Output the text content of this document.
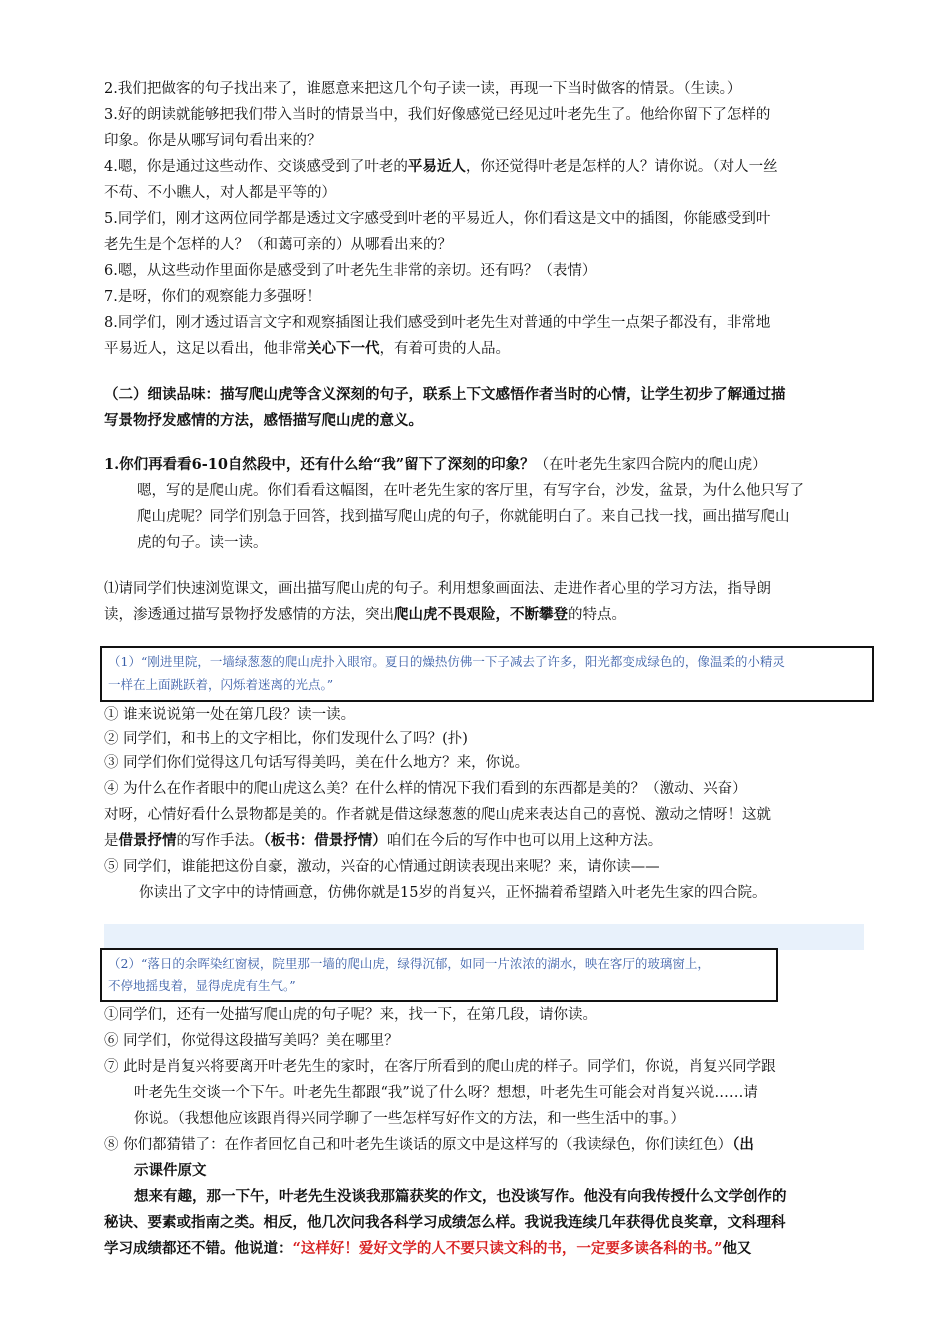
2.我们把做客的句子找出来了，谁愿意来把这几个句子读一读，再现一下当时做客的情景。（生读。）
3.好的朗读就能够把我们带入当时的情景当中，我们好像感觉已经见过叶老先生了。他给你留下了怎样的
印象。你是从哪写词句看出来的？
4.嗯，你是通过这些动作、交谈感受到了叶老的平易近人，你还觉得叶老是怎样的人？请你说。（对人一丝
不苟、不小瞧人，对人都是平等的）
5.同学们，刚才这两位同学都是透过文字感受到叶老的平易近人，你们看这是文中的插图，你能感受到叶
老先生是个怎样的人？（和蔼可亲的）从哪看出来的？
6.嗯，从这些动作里面你是感受到了叶老先生非常的亲切。还有吗？（表情）
7.是呀，你们的观察能力多强呀！
8.同学们，刚才透过语言文字和观察插图让我们感受到叶老先生对普通的中学生一点架子都没有，非常地
平易近人，这足以看出，他非常关心下一代，有着可贵的人品。
（二）细读品味：描写爬山虎等含义深刻的句子，联系上下文感悟作者当时的心情，让学生初步了解通过描
写景物抒发感情的方法，感悟描写爬山虎的意义。
1.你们再看看6-10自然段中，还有什么给“我”留下了深刻的印象？（在叶老先生家四合院内的爬山虎）
嗯，写的是爬山虎。你们看看这幅图，在叶老先生家的客厅里，有写字台，沙发，盆景，为什么他只写了
爬山虎呢？同学们别急于回答，找到描写爬山虎的句子，你就能明白了。来自己找一找，画出描写爬山
虎的句子。读一读。
⑴请同学们快速浏览课文，画出描写爬山虎的句子。利用想象画面法、走进作者心里的学习方法，指导朗
读，渗透通过描写景物抒发感情的方法，突出爬山虎不畏艰险，不断攀登的特点。
（1）“刚进里院，一墙绿葱葱的爬山虎扑入眼帘。夏日的燥热仿佛一下子减去了许多，阳光都变成绿色的，像温柔的小精灵
一样在上面跳跃着，闪烁着迷离的光点。”
① 谁来说说第一处在第几段？读一读。
② 同学们，和书上的文字相比，你们发现什么了吗？(扑)
③ 同学们你们觉得这几句话写得美吗，美在什么地方？来，你说。
④ 为什么在作者眼中的爬山虎这么美？在什么样的情况下我们看到的东西都是美的？（激动、兴奋）
对呀，心情好看什么景物都是美的。作者就是借这绿葱葱的爬山虎来表达自己的喜悦、激动之情呀！这就
是借景抒情的写作手法。（板书：借景抒情）咱们在今后的写作中也可以用上这种方法。
⑤ 同学们，谁能把这份自豪，激动，兴奋的心情通过朗读表现出来呢？来，请你读——
你读出了文字中的诗情画意，仿佛你就是15岁的肖复兴，正怀揣着希望踏入叶老先生家的四合院。
（2）“落日的余晖染红窗棂，院里那一墙的爬山虎，绿得沉郁，如同一片浓浓的湖水，映在客厅的玻璃窗上，
不停地摇曳着，显得虎虎有生气。”
①同学们，还有一处描写爬山虎的句子呢？来，找一下，在第几段，请你读。
⑥ 同学们，你觉得这段描写美吗？美在哪里？
⑦ 此时是肖复兴将要离开叶老先生的家时，在客厅所看到的爬山虎的样子。同学们，你说，肖复兴同学跟
叶老先生交谈一个下午。叶老先生都跟“我”说了什么呀？想想，叶老先生可能会对肖复兴说……请
你说。（我想他应该跟肖得兴同学聊了一些怎样写好作文的方法，和一些生活中的事。）
⑧ 你们都猜错了：在作者回忆自己和叶老先生谈话的原文中是这样写的（我读绿色，你们读红色）（出
示课件原文
想来有趣，那一下午，叶老先生没谈我那篇获奖的作文，也没谈写作。他没有向我传授什么文学创作的
秘诀、要素或指南之类。相反，他几次问我各科学习成绩怎么样。我说我连续几年获得优良奖章，文科理科
学习成绩都还不错。他说道：“这样好！爱好文学的人不要只读文科的书，一定要多读各科的书。”他又
